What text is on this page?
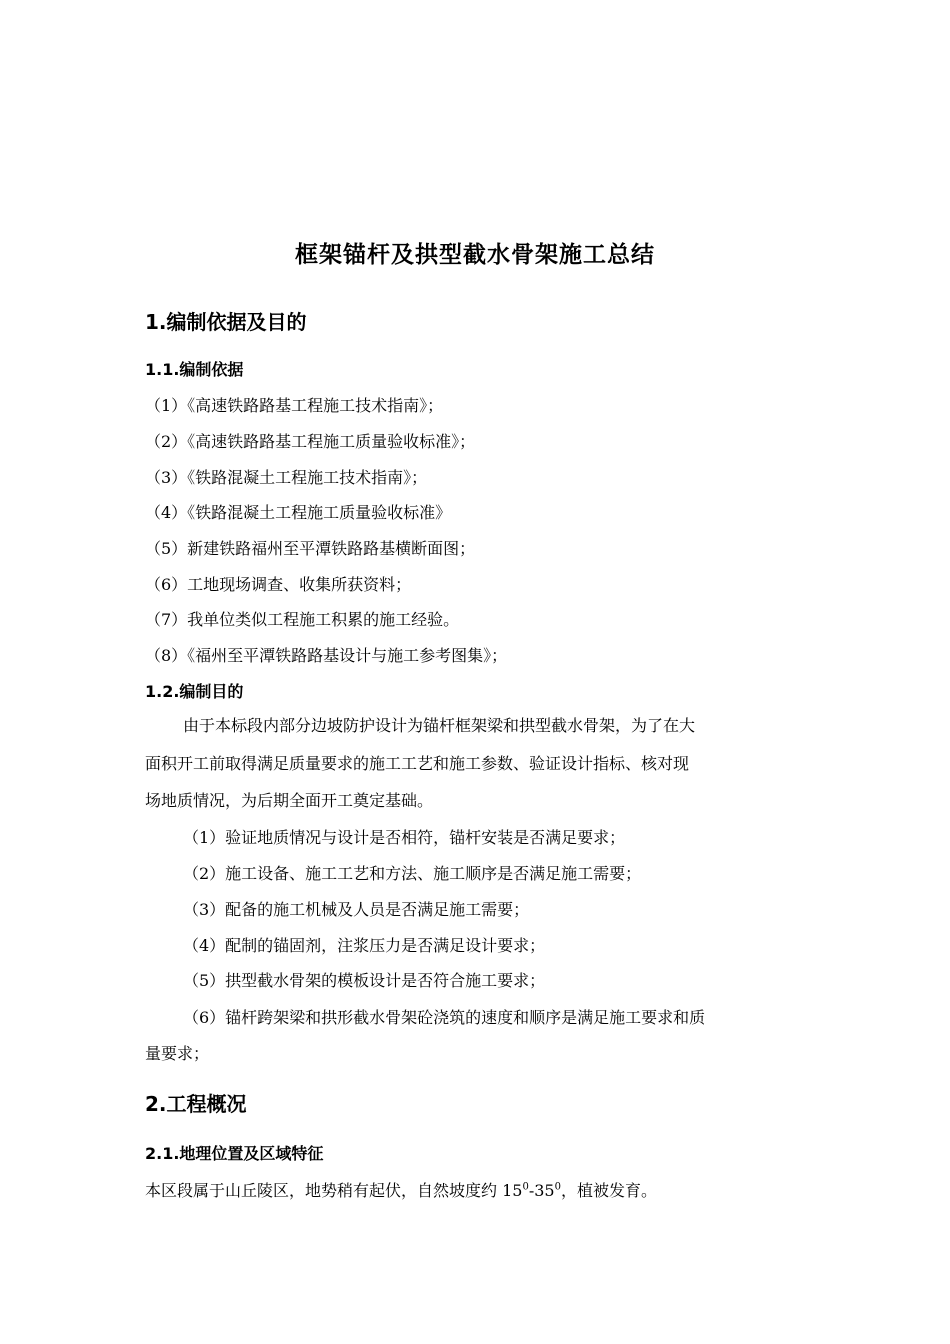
框架锚杆及拱型截水骨架施工总结
1.编制依据及目的
1.1.编制依据
（1）《高速铁路路基工程施工技术指南》；
（2）《高速铁路路基工程施工质量验收标准》；
（3）《铁路混凝土工程施工技术指南》；
（4）《铁路混凝土工程施工质量验收标准》
（5）新建铁路福州至平潭铁路路基横断面图；
（6）工地现场调查、收集所获资料；
（7）我单位类似工程施工积累的施工经验。
（8）《福州至平潭铁路路基设计与施工参考图集》；
1.2.编制目的
由于本标段内部分边坡防护设计为锚杆框架梁和拱型截水骨架，为了在大
面积开工前取得满足质量要求的施工工艺和施工参数、验证设计指标、核对现
场地质情况，为后期全面开工奠定基础。
（1）验证地质情况与设计是否相符，锚杆安装是否满足要求；
（2）施工设备、施工工艺和方法、施工顺序是否满足施工需要；
（3）配备的施工机械及人员是否满足施工需要；
（4）配制的锚固剂，注浆压力是否满足设计要求；
（5）拱型截水骨架的模板设计是否符合施工要求；
（6）锚杆跨架梁和拱形截水骨架砼浇筑的速度和顺序是满足施工要求和质
量要求；
2.工程概况
2.1.地理位置及区域特征
本区段属于山丘陵区，地势稍有起伏，自然坡度约 $15^0-35^0$，植被发育。
